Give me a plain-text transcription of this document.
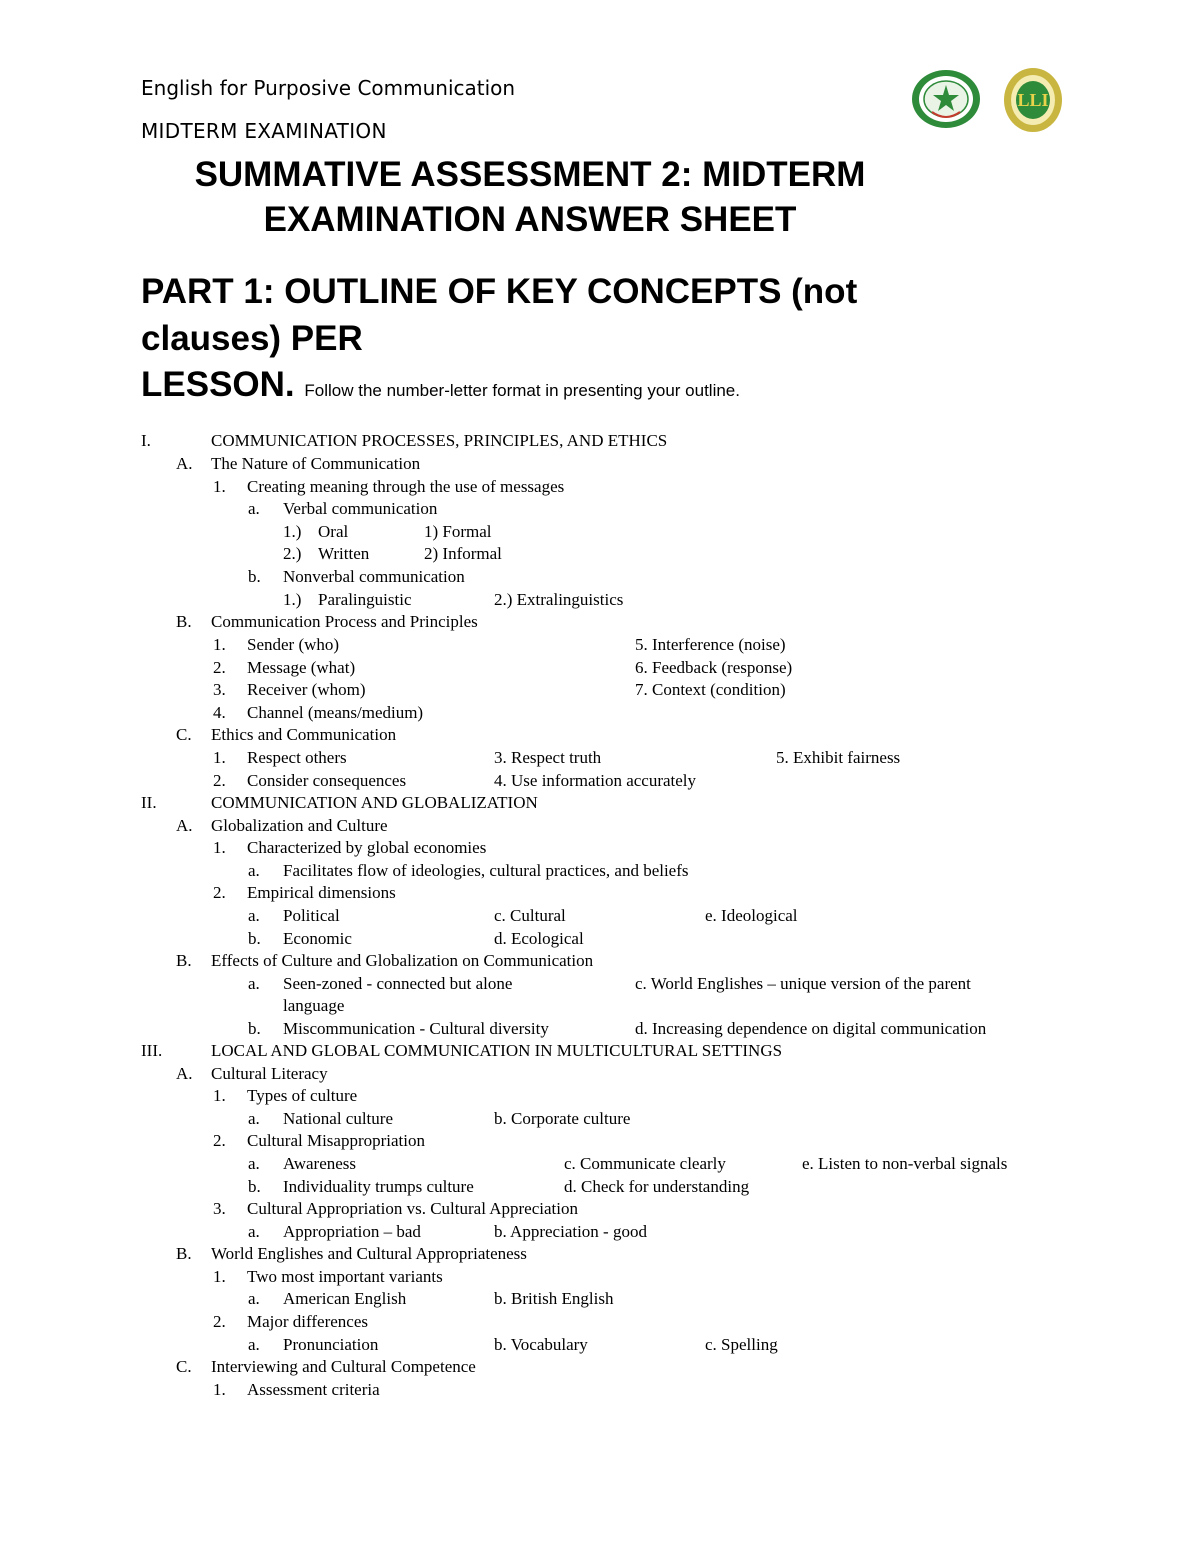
English for Purposive Communication
MIDTERM EXAMINATION
LLI
SUMMATIVE ASSESSMENT 2: MIDTERM
EXAMINATION ANSWER SHEET
PART 1: OUTLINE OF KEY CONCEPTS (not
clauses) PER
LESSON. Follow the number-letter format in presenting your outline.
I.	COMMUNICATION PROCESSES, PRINCIPLES, AND ETHICS
A. The Nature of Communication
1. Creating meaning through the use of messages
a. Verbal communication
1.) Oral	1) Formal
2.) Written	2) Informal
b. Nonverbal communication
1.) Paralinguistic	2.) Extralinguistics
B. Communication Process and Principles
1. Sender (who)	5. Interference (noise)
2. Message (what)	6. Feedback (response)
3. Receiver (whom)	7. Context (condition)
4. Channel (means/medium)
C. Ethics and Communication
1. Respect others	3. Respect truth	5. Exhibit fairness
2. Consider consequences	4. Use information accurately
II.	COMMUNICATION AND GLOBALIZATION
A. Globalization and Culture
1. Characterized by global economies
a. Facilitates flow of ideologies, cultural practices, and beliefs
2. Empirical dimensions
a. Political	c. Cultural	e. Ideological
b. Economic	d. Ecological
B. Effects of Culture and Globalization on Communication
a. Seen-zoned - connected but alone	c. World Englishes – unique version of the parent
language
b. Miscommunication - Cultural diversity	d. Increasing dependence on digital communication
III.	LOCAL AND GLOBAL COMMUNICATION IN MULTICULTURAL SETTINGS
A. Cultural Literacy
1. Types of culture
a. National culture	b. Corporate culture
2. Cultural Misappropriation
a. Awareness	c. Communicate clearly	e. Listen to non-verbal signals
b. Individuality trumps culture	d. Check for understanding
3. Cultural Appropriation vs. Cultural Appreciation
a. Appropriation – bad	b. Appreciation - good
B. World Englishes and Cultural Appropriateness
1. Two most important variants
a. American English	b. British English
2. Major differences
a. Pronunciation	b. Vocabulary	c. Spelling
C. Interviewing and Cultural Competence
1. Assessment criteria
